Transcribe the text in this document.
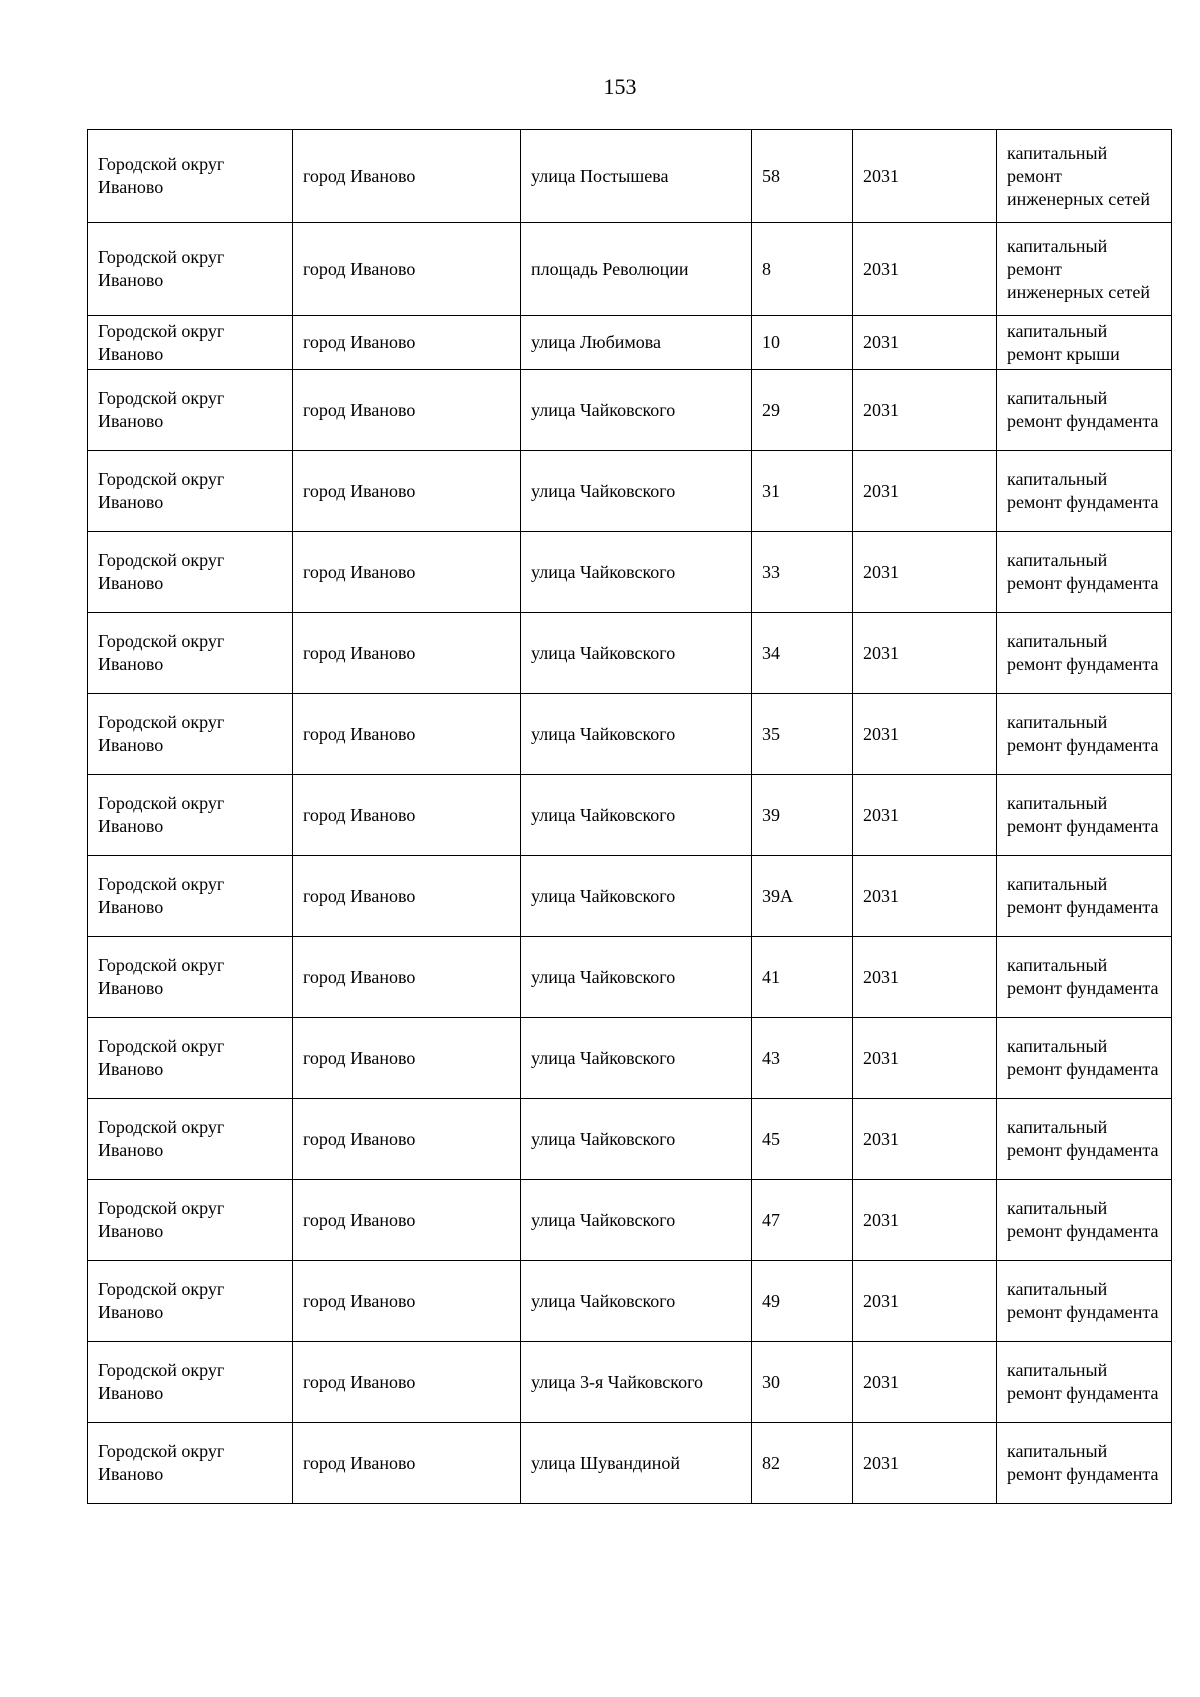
153
Городской округ Иваново	город Иваново	улица Постышева	58	2031	капитальный ремонт инженерных сетей
Городской округ Иваново	город Иваново	площадь Революции	8	2031	капитальный ремонт инженерных сетей
Городской округ Иваново	город Иваново	улица Любимова	10	2031	капитальный ремонт крыши
Городской округ Иваново	город Иваново	улица Чайковского	29	2031	капитальный ремонт фундамента
Городской округ Иваново	город Иваново	улица Чайковского	31	2031	капитальный ремонт фундамента
Городской округ Иваново	город Иваново	улица Чайковского	33	2031	капитальный ремонт фундамента
Городской округ Иваново	город Иваново	улица Чайковского	34	2031	капитальный ремонт фундамента
Городской округ Иваново	город Иваново	улица Чайковского	35	2031	капитальный ремонт фундамента
Городской округ Иваново	город Иваново	улица Чайковского	39	2031	капитальный ремонт фундамента
Городской округ Иваново	город Иваново	улица Чайковского	39А	2031	капитальный ремонт фундамента
Городской округ Иваново	город Иваново	улица Чайковского	41	2031	капитальный ремонт фундамента
Городской округ Иваново	город Иваново	улица Чайковского	43	2031	капитальный ремонт фундамента
Городской округ Иваново	город Иваново	улица Чайковского	45	2031	капитальный ремонт фундамента
Городской округ Иваново	город Иваново	улица Чайковского	47	2031	капитальный ремонт фундамента
Городской округ Иваново	город Иваново	улица Чайковского	49	2031	капитальный ремонт фундамента
Городской округ Иваново	город Иваново	улица 3-я Чайковского	30	2031	капитальный ремонт фундамента
Городской округ Иваново	город Иваново	улица Шувандиной	82	2031	капитальный ремонт фундамента
